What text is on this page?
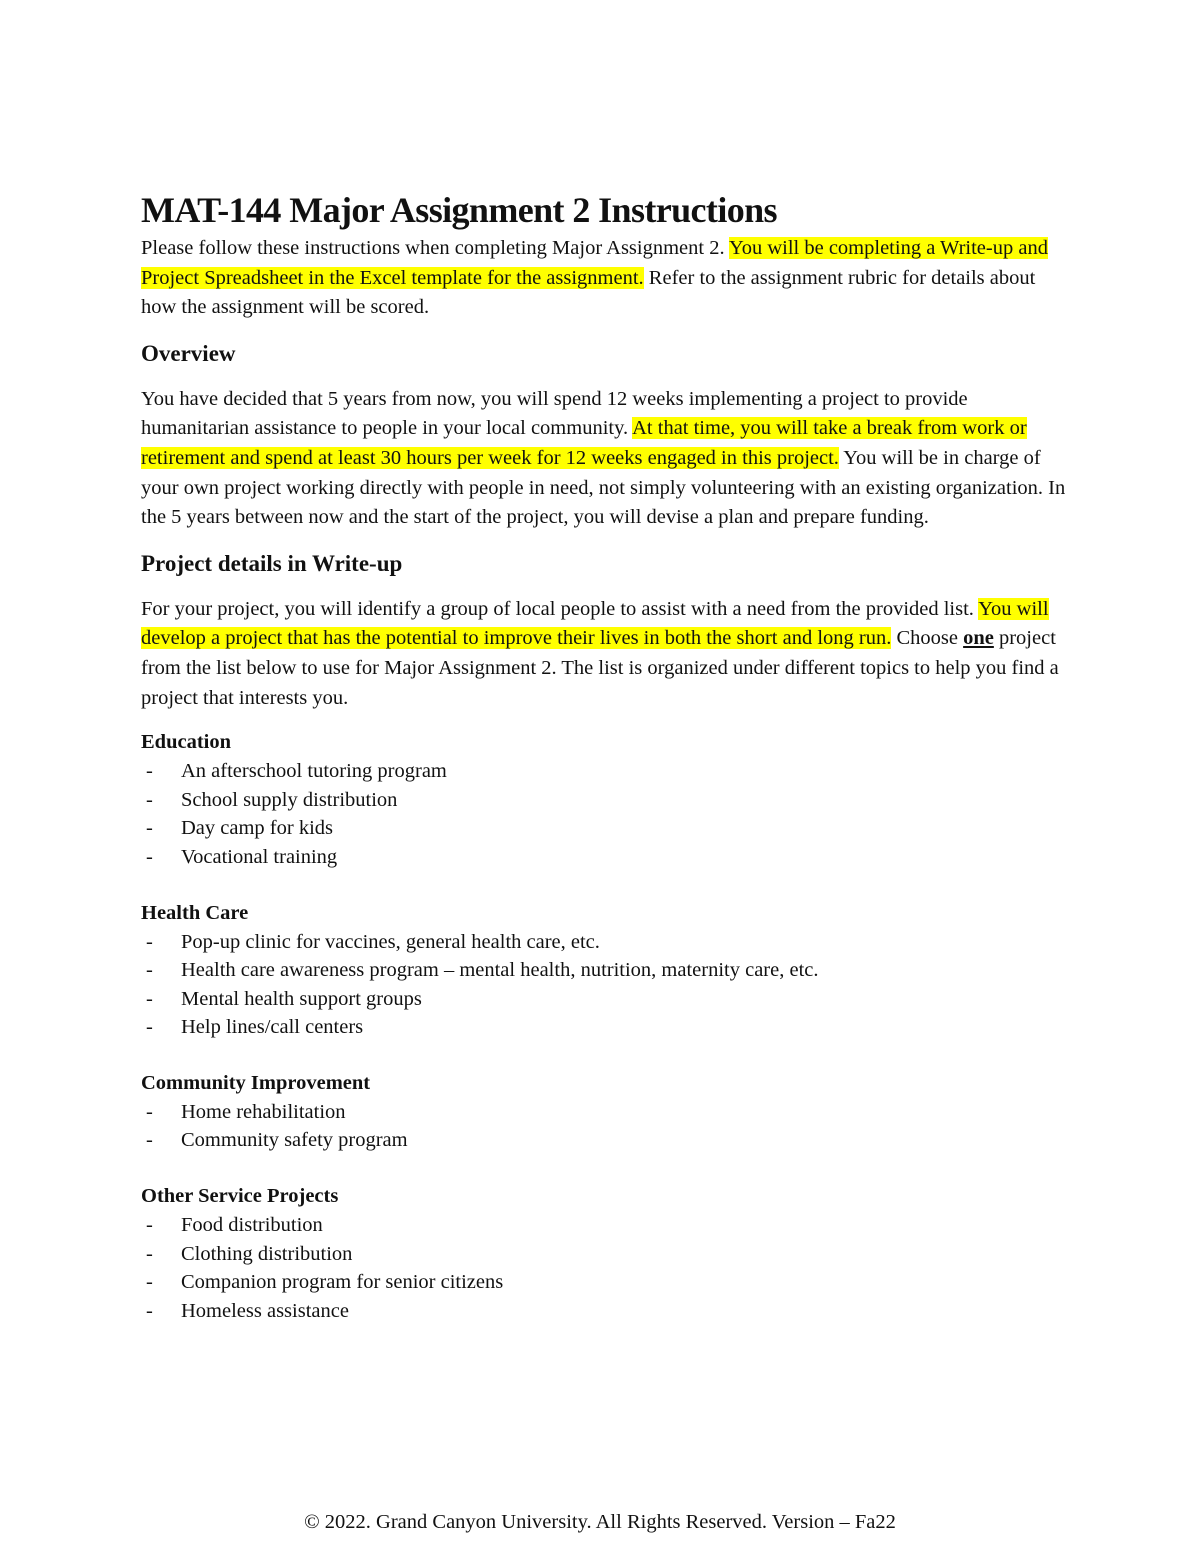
MAT-144 Major Assignment 2 Instructions

Please follow these instructions when completing Major Assignment 2. You will be completing a Write-up and Project Spreadsheet in the Excel template for the assignment. Refer to the assignment rubric for details about how the assignment will be scored.

Overview

You have decided that 5 years from now, you will spend 12 weeks implementing a project to provide humanitarian assistance to people in your local community. At that time, you will take a break from work or retirement and spend at least 30 hours per week for 12 weeks engaged in this project. You will be in charge of your own project working directly with people in need, not simply volunteering with an existing organization. In the 5 years between now and the start of the project, you will devise a plan and prepare funding.

Project details in Write-up

For your project, you will identify a group of local people to assist with a need from the provided list. You will develop a project that has the potential to improve their lives in both the short and long run. Choose one project from the list below to use for Major Assignment 2. The list is organized under different topics to help you find a project that interests you.

Education
- An afterschool tutoring program
- School supply distribution
- Day camp for kids
- Vocational training
Health Care
- Pop-up clinic for vaccines, general health care, etc.
- Health care awareness program – mental health, nutrition, maternity care, etc.
- Mental health support groups
- Help lines/call centers
Community Improvement
- Home rehabilitation
- Community safety program
Other Service Projects
- Food distribution
- Clothing distribution
- Companion program for senior citizens
- Homeless assistance
© 2022. Grand Canyon University. All Rights Reserved. Version – Fa22
